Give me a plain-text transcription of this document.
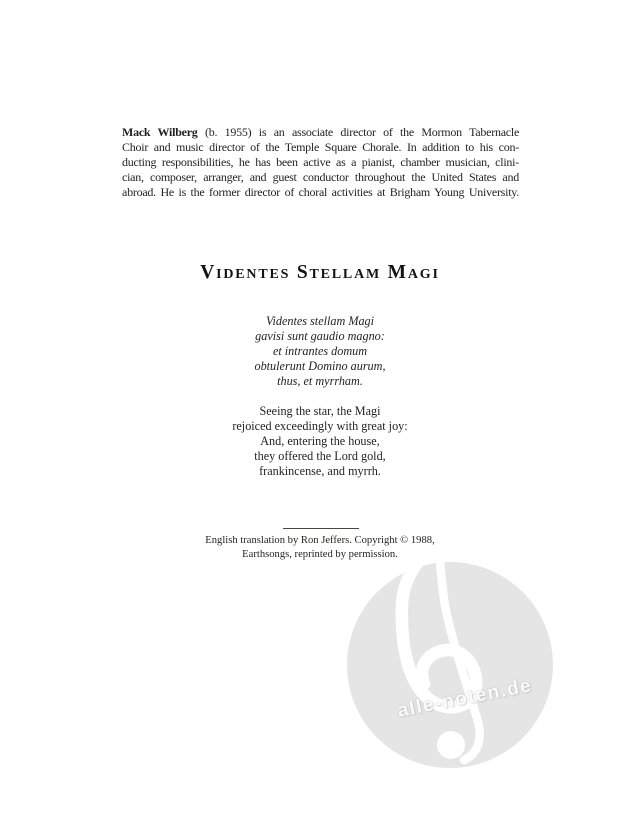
alle-noten.de
Mack Wilberg (b. 1955) is an associate director of the Mormon Tabernacle
Choir and music director of the Temple Square Chorale. In addition to his con-
ducting responsibilities, he has been active as a pianist, chamber musician, clini-
cian, composer, arranger, and guest conductor throughout the United States and
abroad. He is the former director of choral activities at Brigham Young University.
Videntes Stellam Magi
Videntes stellam Magi
gavisi sunt gaudio magno:
et intrantes domum
obtulerunt Domino aurum,
thus, et myrrham.
Seeing the star, the Magi
rejoiced exceedingly with great joy:
And, entering the house,
they offered the Lord gold,
frankincense, and myrrh.
English translation by Ron Jeffers. Copyright © 1988,
Earthsongs, reprinted by permission.
